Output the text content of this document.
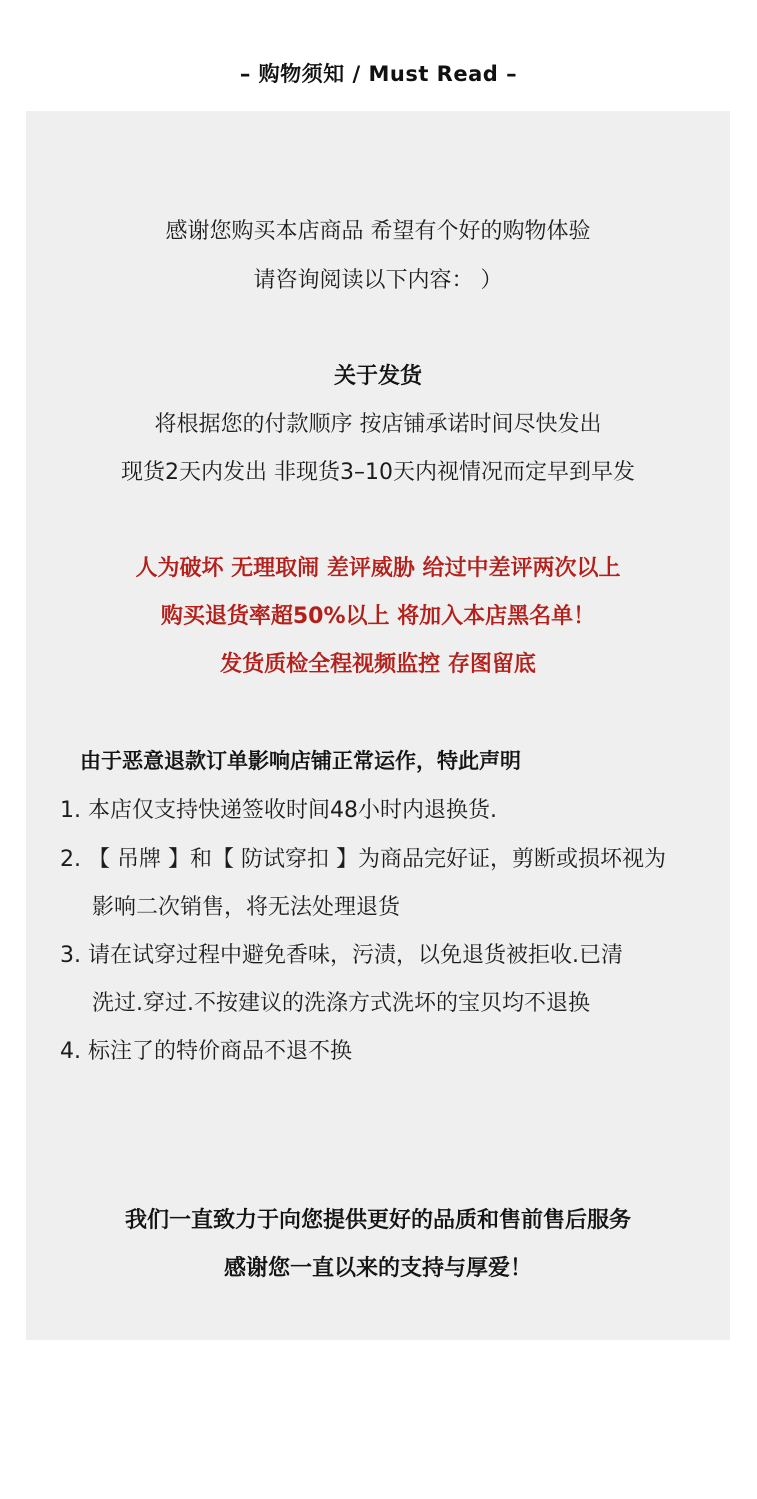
– 购物须知 / Must Read –
感谢您购买本店商品 希望有个好的购物体验
请咨询阅读以下内容： ）
关于发货
将根据您的付款顺序 按店铺承诺时间尽快发出
现货2天内发出 非现货3–10天内视情况而定早到早发
人为破坏 无理取闹 差评威胁 给过中差评两次以上
购买退货率超50%以上 将加入本店黑名单！
发货质检全程视频监控 存图留底
由于恶意退款订单影响店铺正常运作，特此声明
1. 本店仅支持快递签收时间48小时内退换货.
2. 【 吊牌 】和【 防试穿扣 】为商品完好证，剪断或损坏视为
影响二次销售，将无法处理退货
3. 请在试穿过程中避免香味，污渍，以免退货被拒收.已清
洗过.穿过.不按建议的洗涤方式洗坏的宝贝均不退换
4. 标注了的特价商品不退不换
我们一直致力于向您提供更好的品质和售前售后服务
感谢您一直以来的支持与厚爱！
